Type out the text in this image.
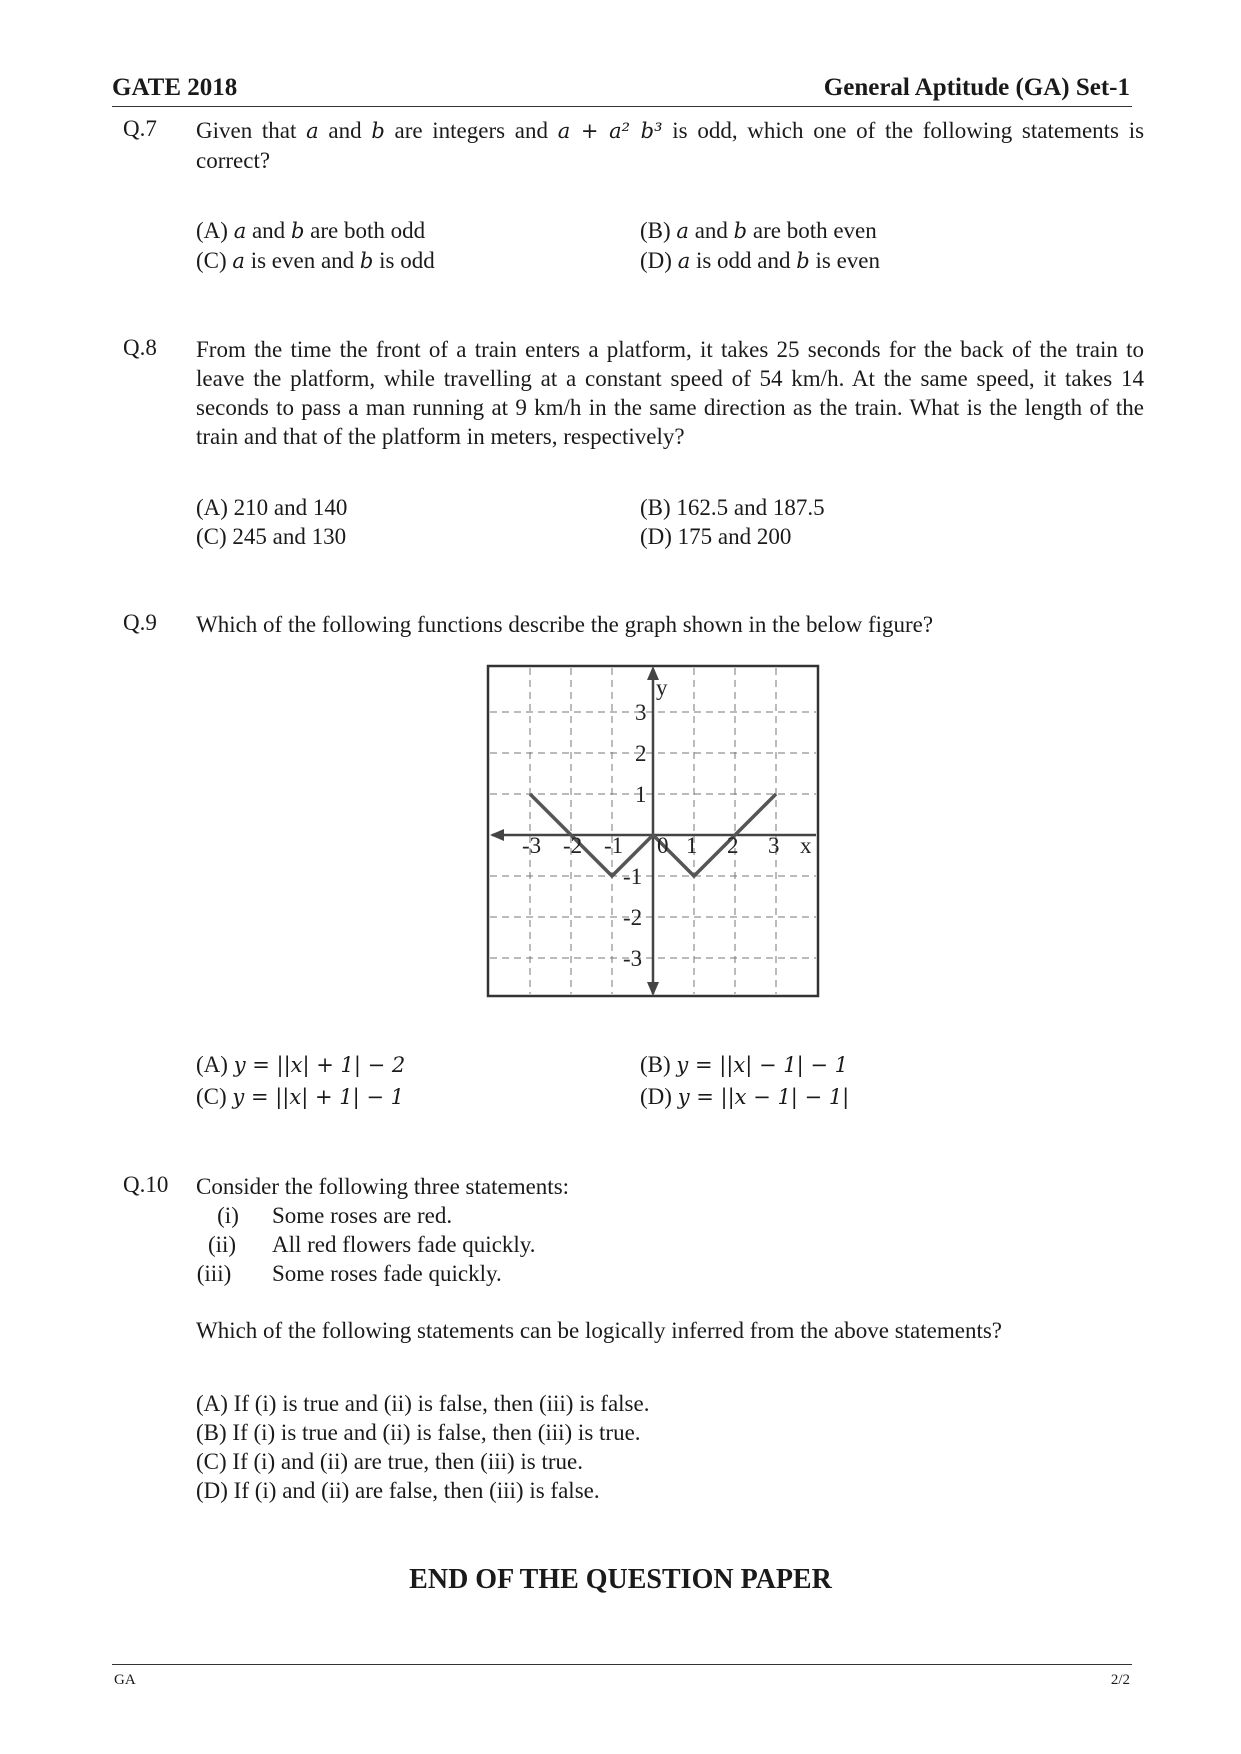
GATE 2018	General Aptitude (GA) Set-1
Q.7 Given that a and b are integers and a + a² b³ is odd, which one of the following statements is correct?
(A) a and b are both odd	(B) a and b are both even
(C) a is even and b is odd	(D) a is odd and b is even
Q.8 From the time the front of a train enters a platform, it takes 25 seconds for the back of the train to leave the platform, while travelling at a constant speed of 54 km/h. At the same speed, it takes 14 seconds to pass a man running at 9 km/h in the same direction as the train. What is the length of the train and that of the platform in meters, respectively?
(A) 210 and 140	(B) 162.5 and 187.5
(C) 245 and 130	(D) 175 and 200
Q.9 Which of the following functions describe the graph shown in the below figure?
-3 -2 -1 0 1 2 3
3
2
1
-1
-2
-3
y
x
(A) y = ||x| + 1| − 2	(B) y = ||x| − 1| − 1
(C) y = ||x| + 1| − 1	(D) y = ||x − 1| − 1|
Q.10 Consider the following three statements:
(i)	Some roses are red.
(ii) All red flowers fade quickly.
(iii) Some roses fade quickly.
Which of the following statements can be logically inferred from the above statements?
(A) If (i) is true and (ii) is false, then (iii) is false.
(B) If (i) is true and (ii) is false, then (iii) is true.
(C) If (i) and (ii) are true, then (iii) is true.
(D) If (i) and (ii) are false, then (iii) is false.
END OF THE QUESTION PAPER
GA	2/2
